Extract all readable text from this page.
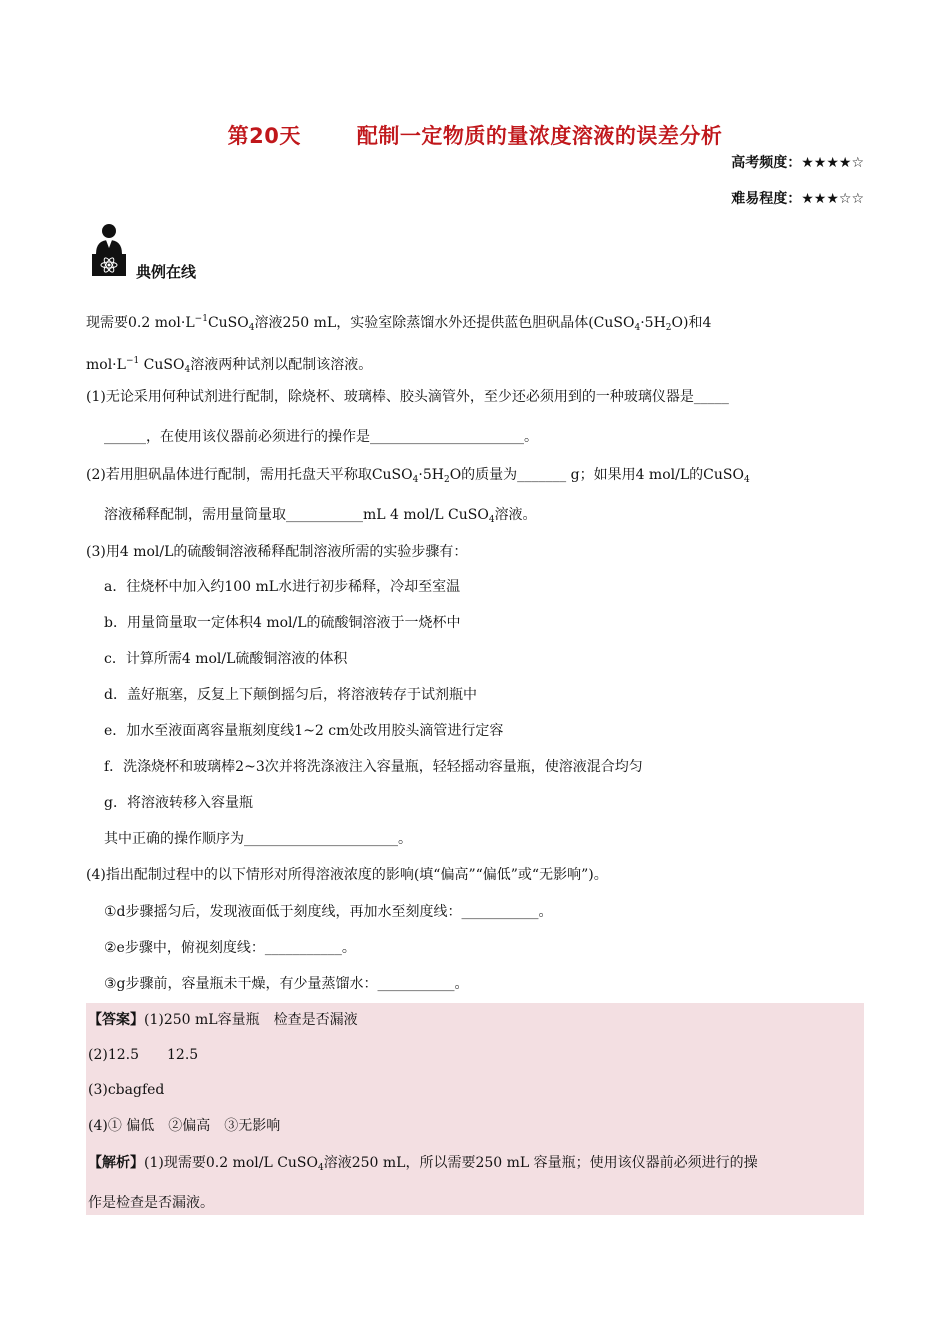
第20天	配制一定物质的量浓度溶液的误差分析
高考频度：★★★★☆
难易程度：★★★☆☆
典例在线
现需要0.2 $mol\cdot L^{-1}CuSO_4$溶液250 mL，实验室除蒸馏水外还提供蓝色胆矾晶体$(CuSO_4\cdot 5H_2O)$和4
$mol\cdot L^{-1}$ CuSO$_4$溶液两种试剂以配制该溶液。
(1)无论采用何种试剂进行配制，除烧杯、玻璃棒、胶头滴管外，至少还必须用到的一种玻璃仪器是_____
______，在使用该仪器前必须进行的操作是______________________。
(2)若用胆矾晶体进行配制，需用托盘天平称取$CuSO_4\cdot 5H_2O$的质量为_______ g；如果用4 mol/L的CuSO$_4$
溶液稀释配制，需用量筒量取___________mL 4 mol/L CuSO$_4$溶液。
(3)用4 mol/L的硫酸铜溶液稀释配制溶液所需的实验步骤有：
a．往烧杯中加入约100 mL水进行初步稀释，冷却至室温
b．用量筒量取一定体积4 mol/L的硫酸铜溶液于一烧杯中
c．计算所需4 mol/L硫酸铜溶液的体积
d．盖好瓶塞，反复上下颠倒摇匀后，将溶液转存于试剂瓶中
e．加水至液面离容量瓶刻度线1~2 cm处改用胶头滴管进行定容
f．洗涤烧杯和玻璃棒2~3次并将洗涤液注入容量瓶，轻轻摇动容量瓶，使溶液混合均匀
g．将溶液转移入容量瓶
其中正确的操作顺序为______________________。
(4)指出配制过程中的以下情形对所得溶液浓度的影响(填“偏高”“偏低”或“无影响”)。
①d步骤摇匀后，发现液面低于刻度线，再加水至刻度线：___________。
②e步骤中，俯视刻度线：___________。
③g步骤前，容量瓶未干燥，有少量蒸馏水：___________。
【答案】(1)250 mL容量瓶　检查是否漏液
(2)12.5　　12.5
(3)cbagfed
(4)① 偏低　②偏高　③无影响
【解析】(1)现需要0.2 mol/L CuSO$_4$溶液250 mL，所以需要250 mL 容量瓶；使用该仪器前必须进行的操
作是检查是否漏液。
